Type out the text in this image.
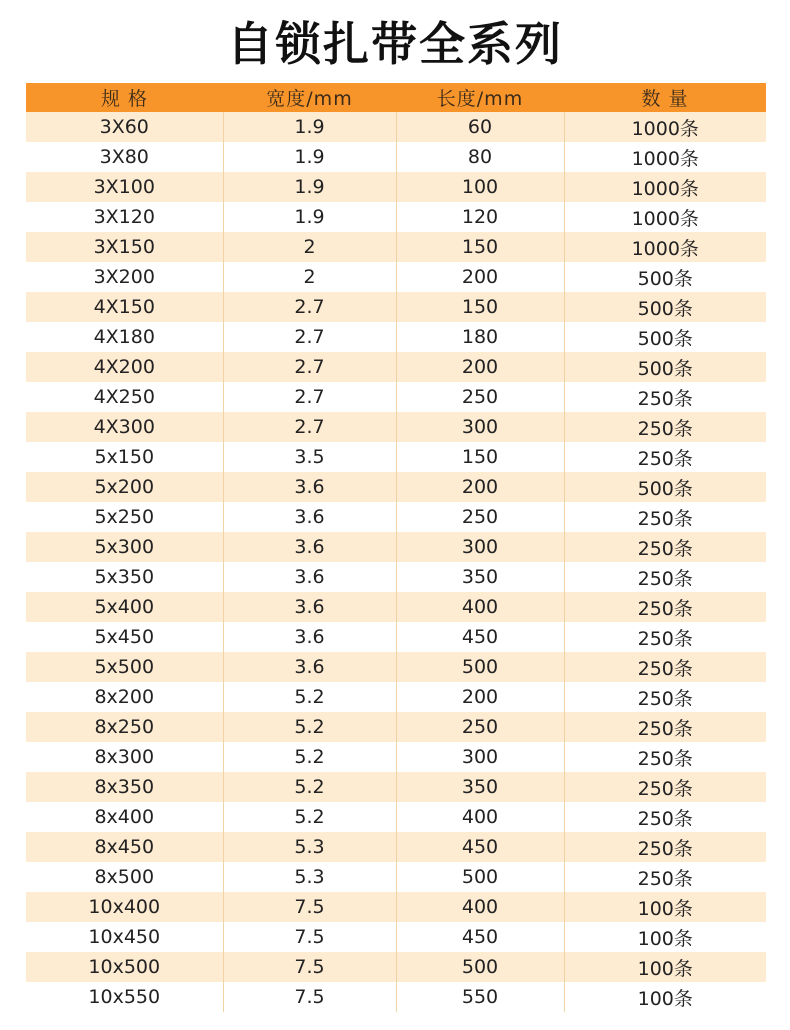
自锁扎带全系列
规 格	宽度/mm	长度/mm	数 量
3X60	1.9	60	1000条
3X80	1.9	80	1000条
3X100	1.9	100	1000条
3X120	1.9	120	1000条
3X150	2	150	1000条
3X200	2	200	500条
4X150	2.7	150	500条
4X180	2.7	180	500条
4X200	2.7	200	500条
4X250	2.7	250	250条
4X300	2.7	300	250条
5x150	3.5	150	250条
5x200	3.6	200	500条
5x250	3.6	250	250条
5x300	3.6	300	250条
5x350	3.6	350	250条
5x400	3.6	400	250条
5x450	3.6	450	250条
5x500	3.6	500	250条
8x200	5.2	200	250条
8x250	5.2	250	250条
8x300	5.2	300	250条
8x350	5.2	350	250条
8x400	5.2	400	250条
8x450	5.3	450	250条
8x500	5.3	500	250条
10x400	7.5	400	100条
10x450	7.5	450	100条
10x500	7.5	500	100条
10x550	7.5	550	100条
